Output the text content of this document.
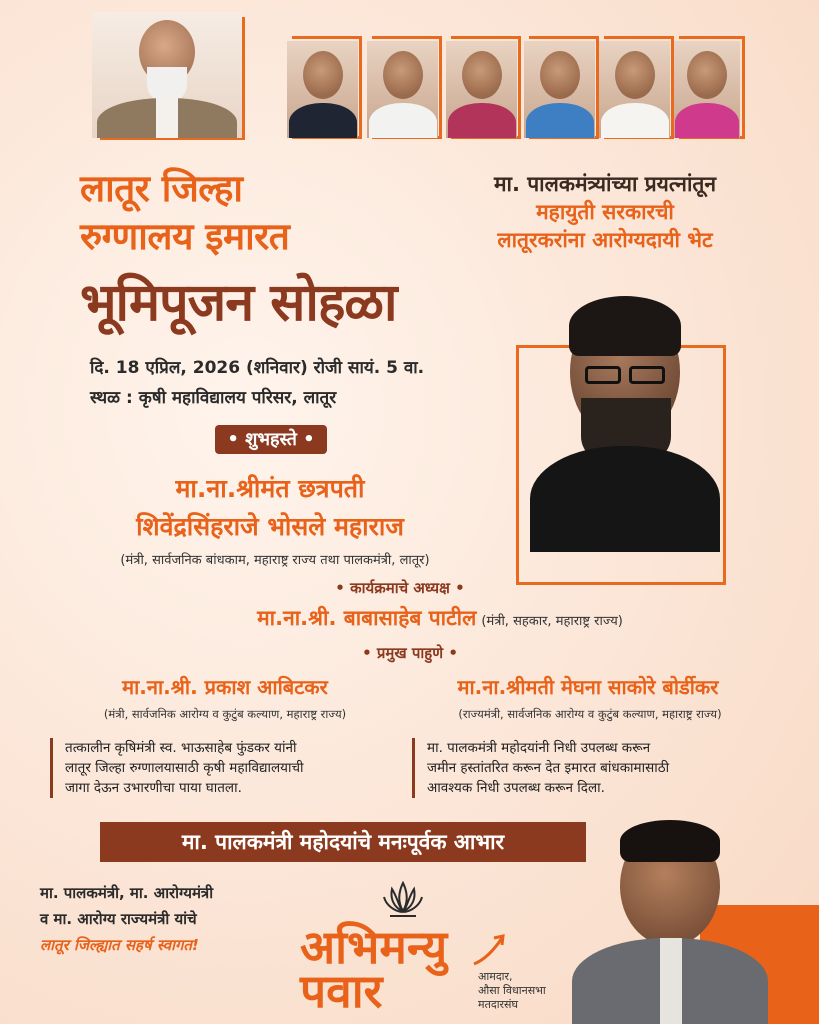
लातूर जिल्हा
रुग्णालय इमारत
भूमिपूजन सोहळा
मा. पालकमंत्र्यांच्या प्रयत्नांतून
महायुती सरकारची
लातूरकरांना आरोग्यदायी भेट
दि. 18 एप्रिल, 2026 (शनिवार) रोजी सायं. 5 वा.
स्थळ : कृषी महाविद्यालय परिसर, लातूर
• शुभहस्ते •
मा.ना.श्रीमंत छत्रपती
शिवेंद्रसिंहराजे भोसले महाराज
(मंत्री, सार्वजनिक बांधकाम, महाराष्ट्र राज्य तथा पालकमंत्री, लातूर)
• कार्यक्रमाचे अध्यक्ष •
मा.ना.श्री. बाबासाहेब पाटील (मंत्री, सहकार, महाराष्ट्र राज्य)
• प्रमुख पाहुणे •
मा.ना.श्री. प्रकाश आबिटकर	मा.ना.श्रीमती मेघना साकोरे बोर्डीकर
(मंत्री, सार्वजनिक आरोग्य व कुटुंब कल्याण, महाराष्ट्र राज्य)	(राज्यमंत्री, सार्वजनिक आरोग्य व कुटुंब कल्याण, महाराष्ट्र राज्य)
तत्कालीन कृषिमंत्री स्व. भाऊसाहेब फुंडकर यांनी
लातूर जिल्हा रुग्णालयासाठी कृषी महाविद्यालयाची
जागा देऊन उभारणीचा पाया घातला.
मा. पालकमंत्री महोदयांनी निधी उपलब्ध करून
जमीन हस्तांतरित करून देत इमारत बांधकामासाठी
आवश्यक निधी उपलब्ध करून दिला.
मा. पालकमंत्री महोदयांचे मनःपूर्वक आभार
मा. पालकमंत्री, मा. आरोग्यमंत्री
व मा. आरोग्य राज्यमंत्री यांचे
लातूर जिल्ह्यात सहर्ष स्वागत!	अभिमन्यु
पवार	आमदार,
औसा विधानसभा
मतदारसंघ
